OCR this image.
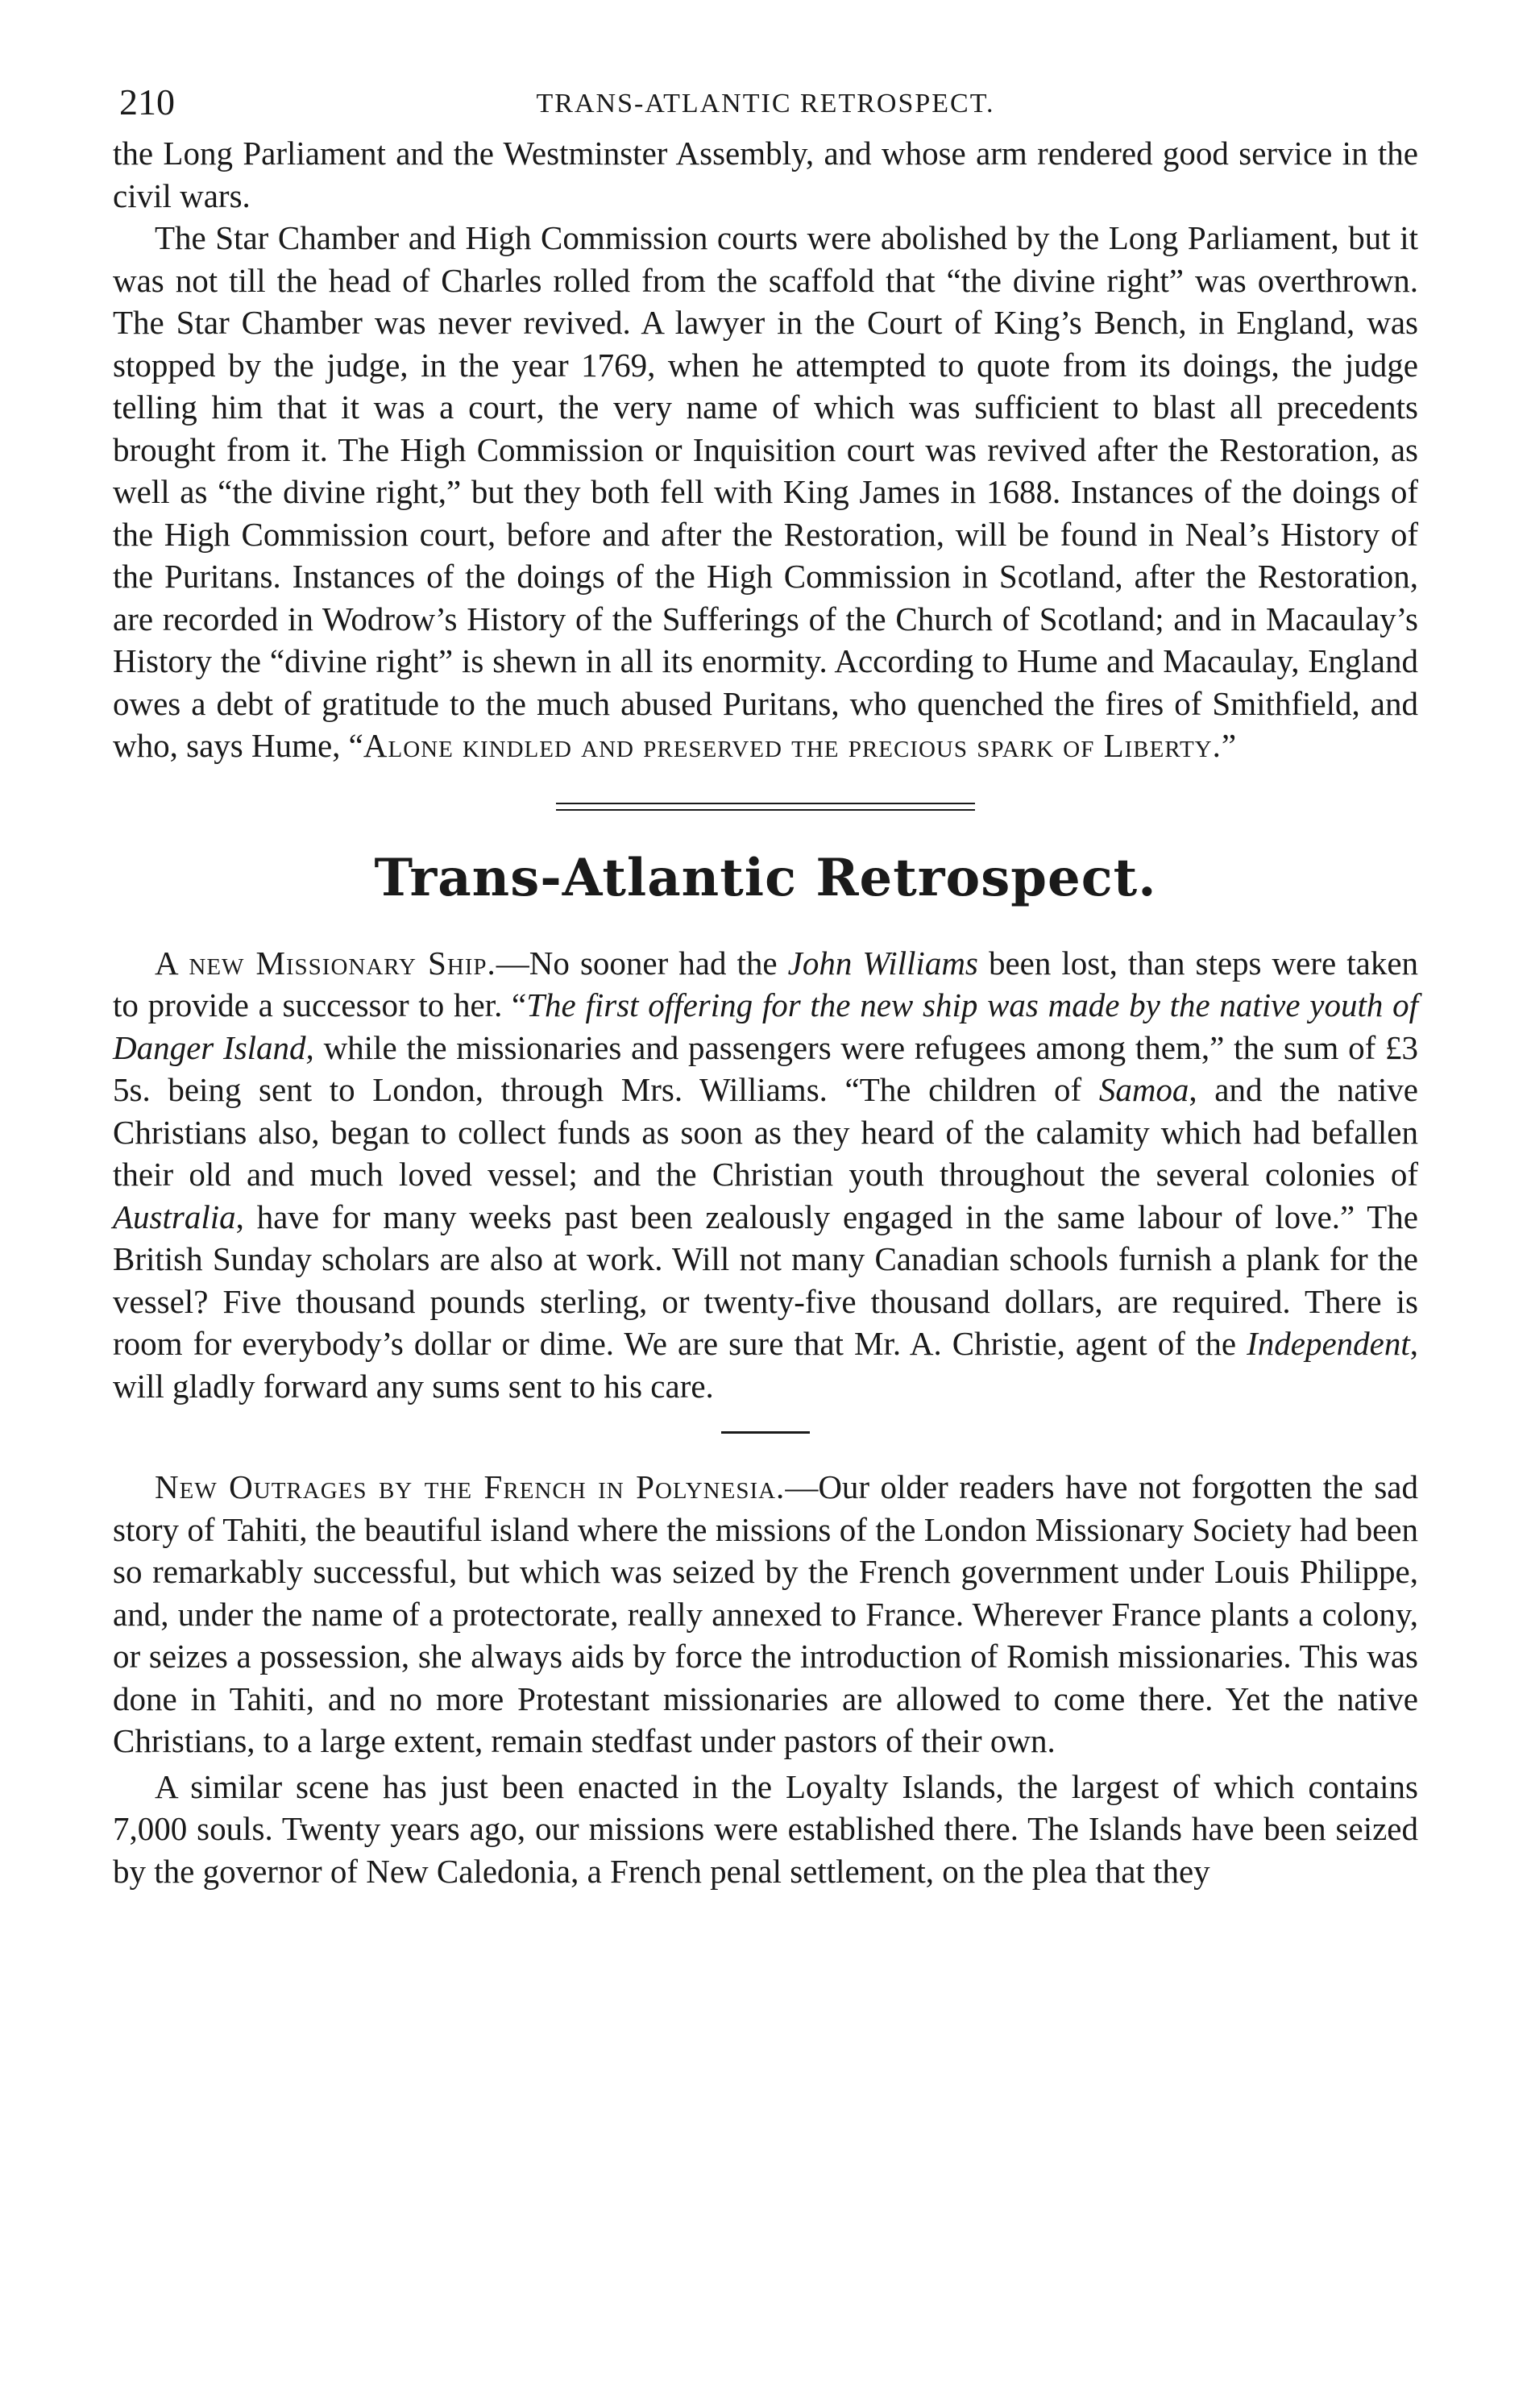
210	TRANS-ATLANTIC RETROSPECT.

the Long Parliament and the Westminster Assembly, and whose arm rendered good service in the civil wars.

The Star Chamber and High Commission courts were abolished by the Long Parliament, but it was not till the head of Charles rolled from the scaffold that “the divine right” was overthrown. The Star Chamber was never revived. A lawyer in the Court of King’s Bench, in England, was stopped by the judge, in the year 1769, when he attempted to quote from its doings, the judge telling him that it was a court, the very name of which was sufficient to blast all precedents brought from it. The High Commission or Inquisition court was revived after the Restoration, as well as “the divine right,” but they both fell with King James in 1688. Instances of the doings of the High Commission court, before and after the Restoration, will be found in Neal’s History of the Puritans. Instances of the doings of the High Commission in Scotland, after the Restoration, are recorded in Wodrow’s History of the Sufferings of the Church of Scotland; and in Macaulay’s History the “divine right” is shewn in all its enormity. According to Hume and Macaulay, England owes a debt of gratitude to the much abused Puritans, who quenched the fires of Smithfield, and who, says Hume, “Alone kindled and preserved the precious spark of Liberty.”

Trans-Atlantic Retrospect.

A new Missionary Ship.—No sooner had the John Williams been lost, than steps were taken to provide a successor to her. “The first offering for the new ship was made by the native youth of Danger Island, while the missionaries and passengers were refugees among them,” the sum of £3 5s. being sent to London, through Mrs. Williams. “The children of Samoa, and the native Christians also, began to collect funds as soon as they heard of the calamity which had befallen their old and much loved vessel; and the Christian youth throughout the several colonies of Australia, have for many weeks past been zealously engaged in the same labour of love.” The British Sunday scholars are also at work. Will not many Canadian schools furnish a plank for the vessel? Five thousand pounds sterling, or twenty-five thousand dollars, are required. There is room for everybody’s dollar or dime. We are sure that Mr. A. Christie, agent of the Independent, will gladly forward any sums sent to his care.

New Outrages by the French in Polynesia.—Our older readers have not forgotten the sad story of Tahiti, the beautiful island where the missions of the London Missionary Society had been so remarkably successful, but which was seized by the French government under Louis Philippe, and, under the name of a protectorate, really annexed to France. Wherever France plants a colony, or seizes a possession, she always aids by force the introduction of Romish missionaries. This was done in Tahiti, and no more Protestant missionaries are allowed to come there. Yet the native Christians, to a large extent, remain stedfast under pastors of their own.

A similar scene has just been enacted in the Loyalty Islands, the largest of which contains 7,000 souls. Twenty years ago, our missions were established there. The Islands have been seized by the governor of New Caledonia, a French penal settlement, on the plea that they
